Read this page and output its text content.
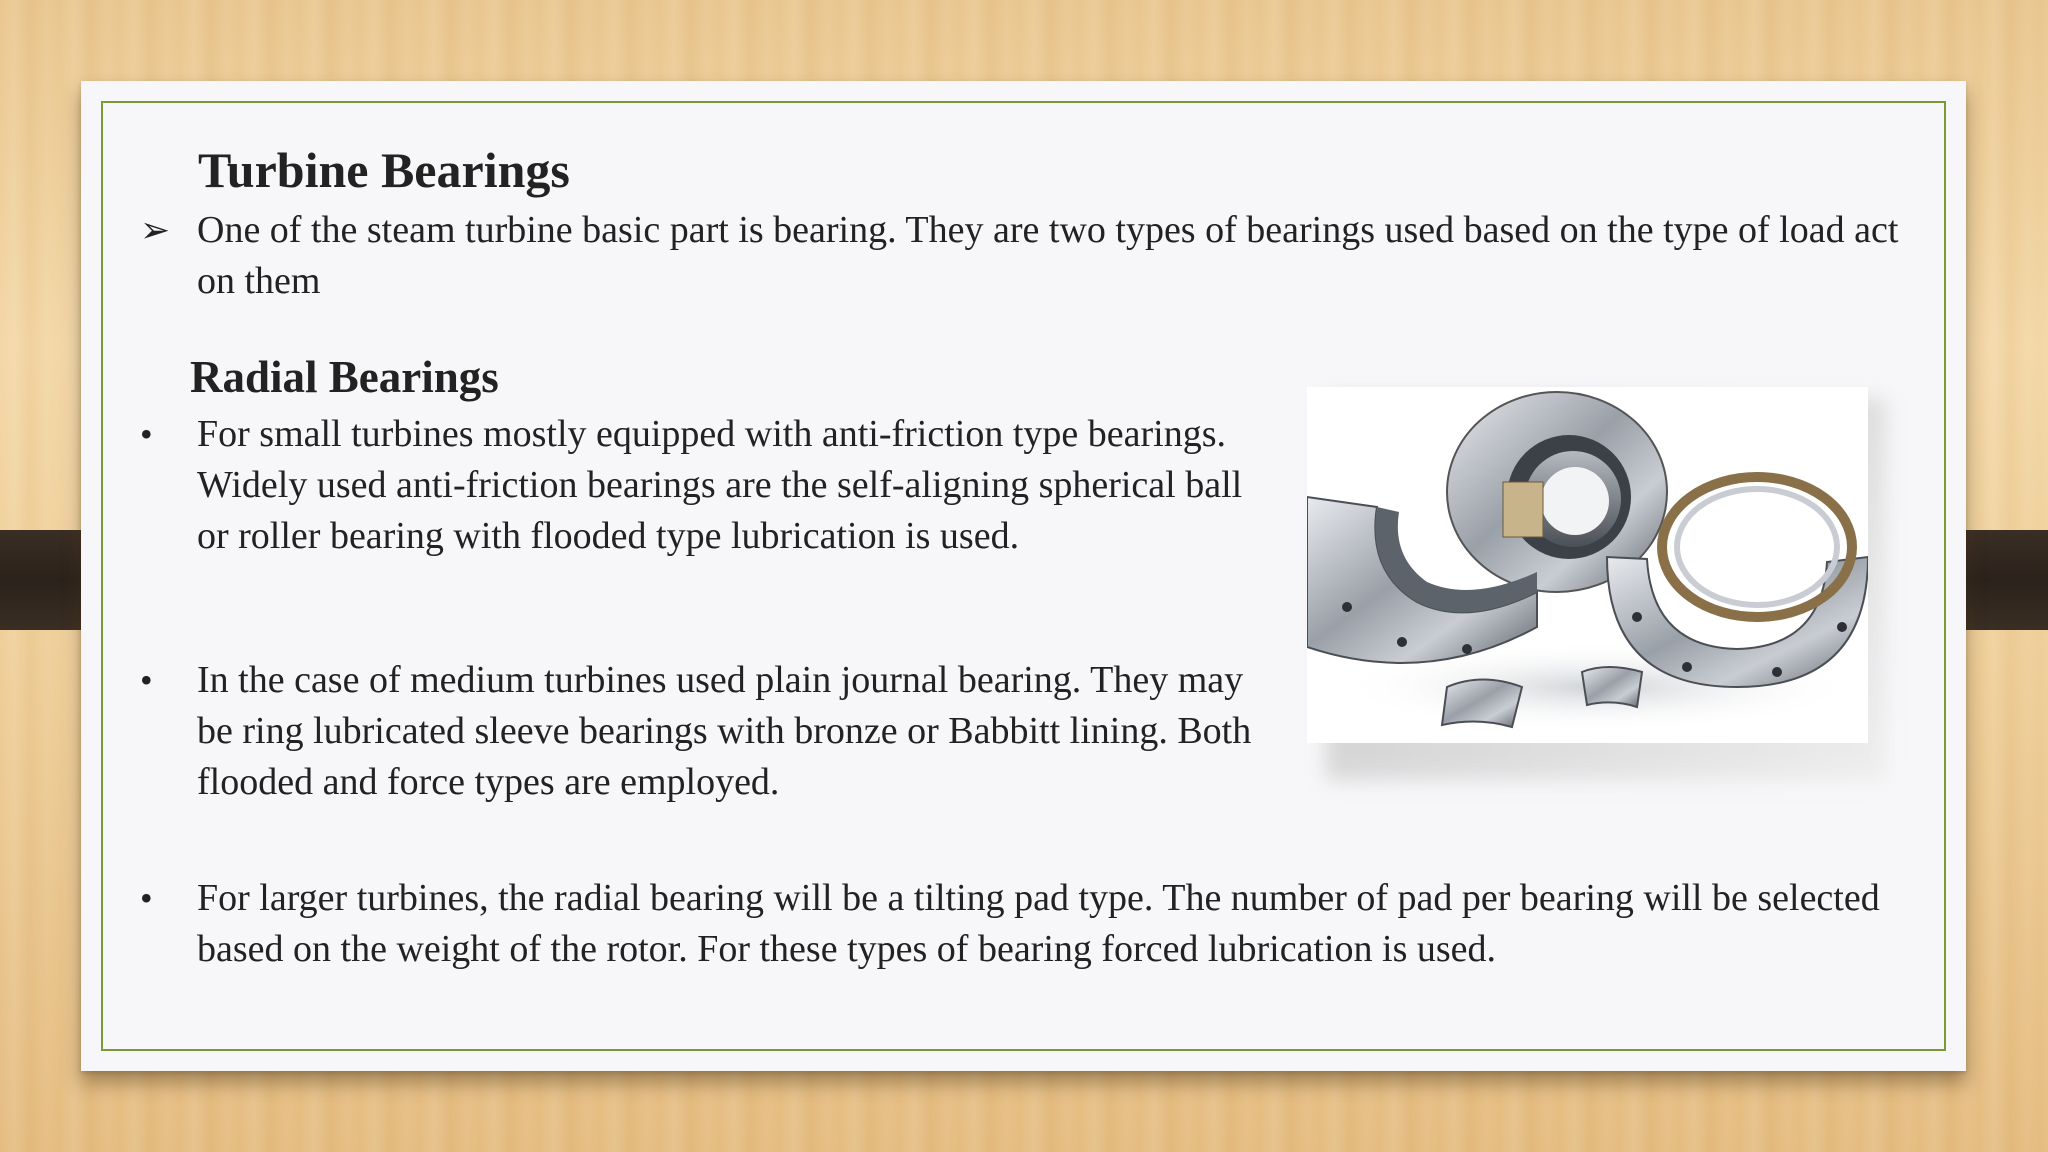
Turbine Bearings
➢ One of the steam turbine basic part is bearing. They are two types of bearings used based on the type of load act on them

Radial Bearings
• For small turbines mostly equipped with anti-friction type bearings. Widely used anti-friction bearings are the self-aligning spherical ball or roller bearing with flooded type lubrication is used.

• In the case of medium turbines used plain journal bearing. They may be ring lubricated sleeve bearings with bronze or Babbitt lining. Both flooded and force types are employed.

• For larger turbines, the radial bearing will be a tilting pad type. The number of pad per bearing will be selected based on the weight of the rotor. For these types of bearing forced lubrication is used.
